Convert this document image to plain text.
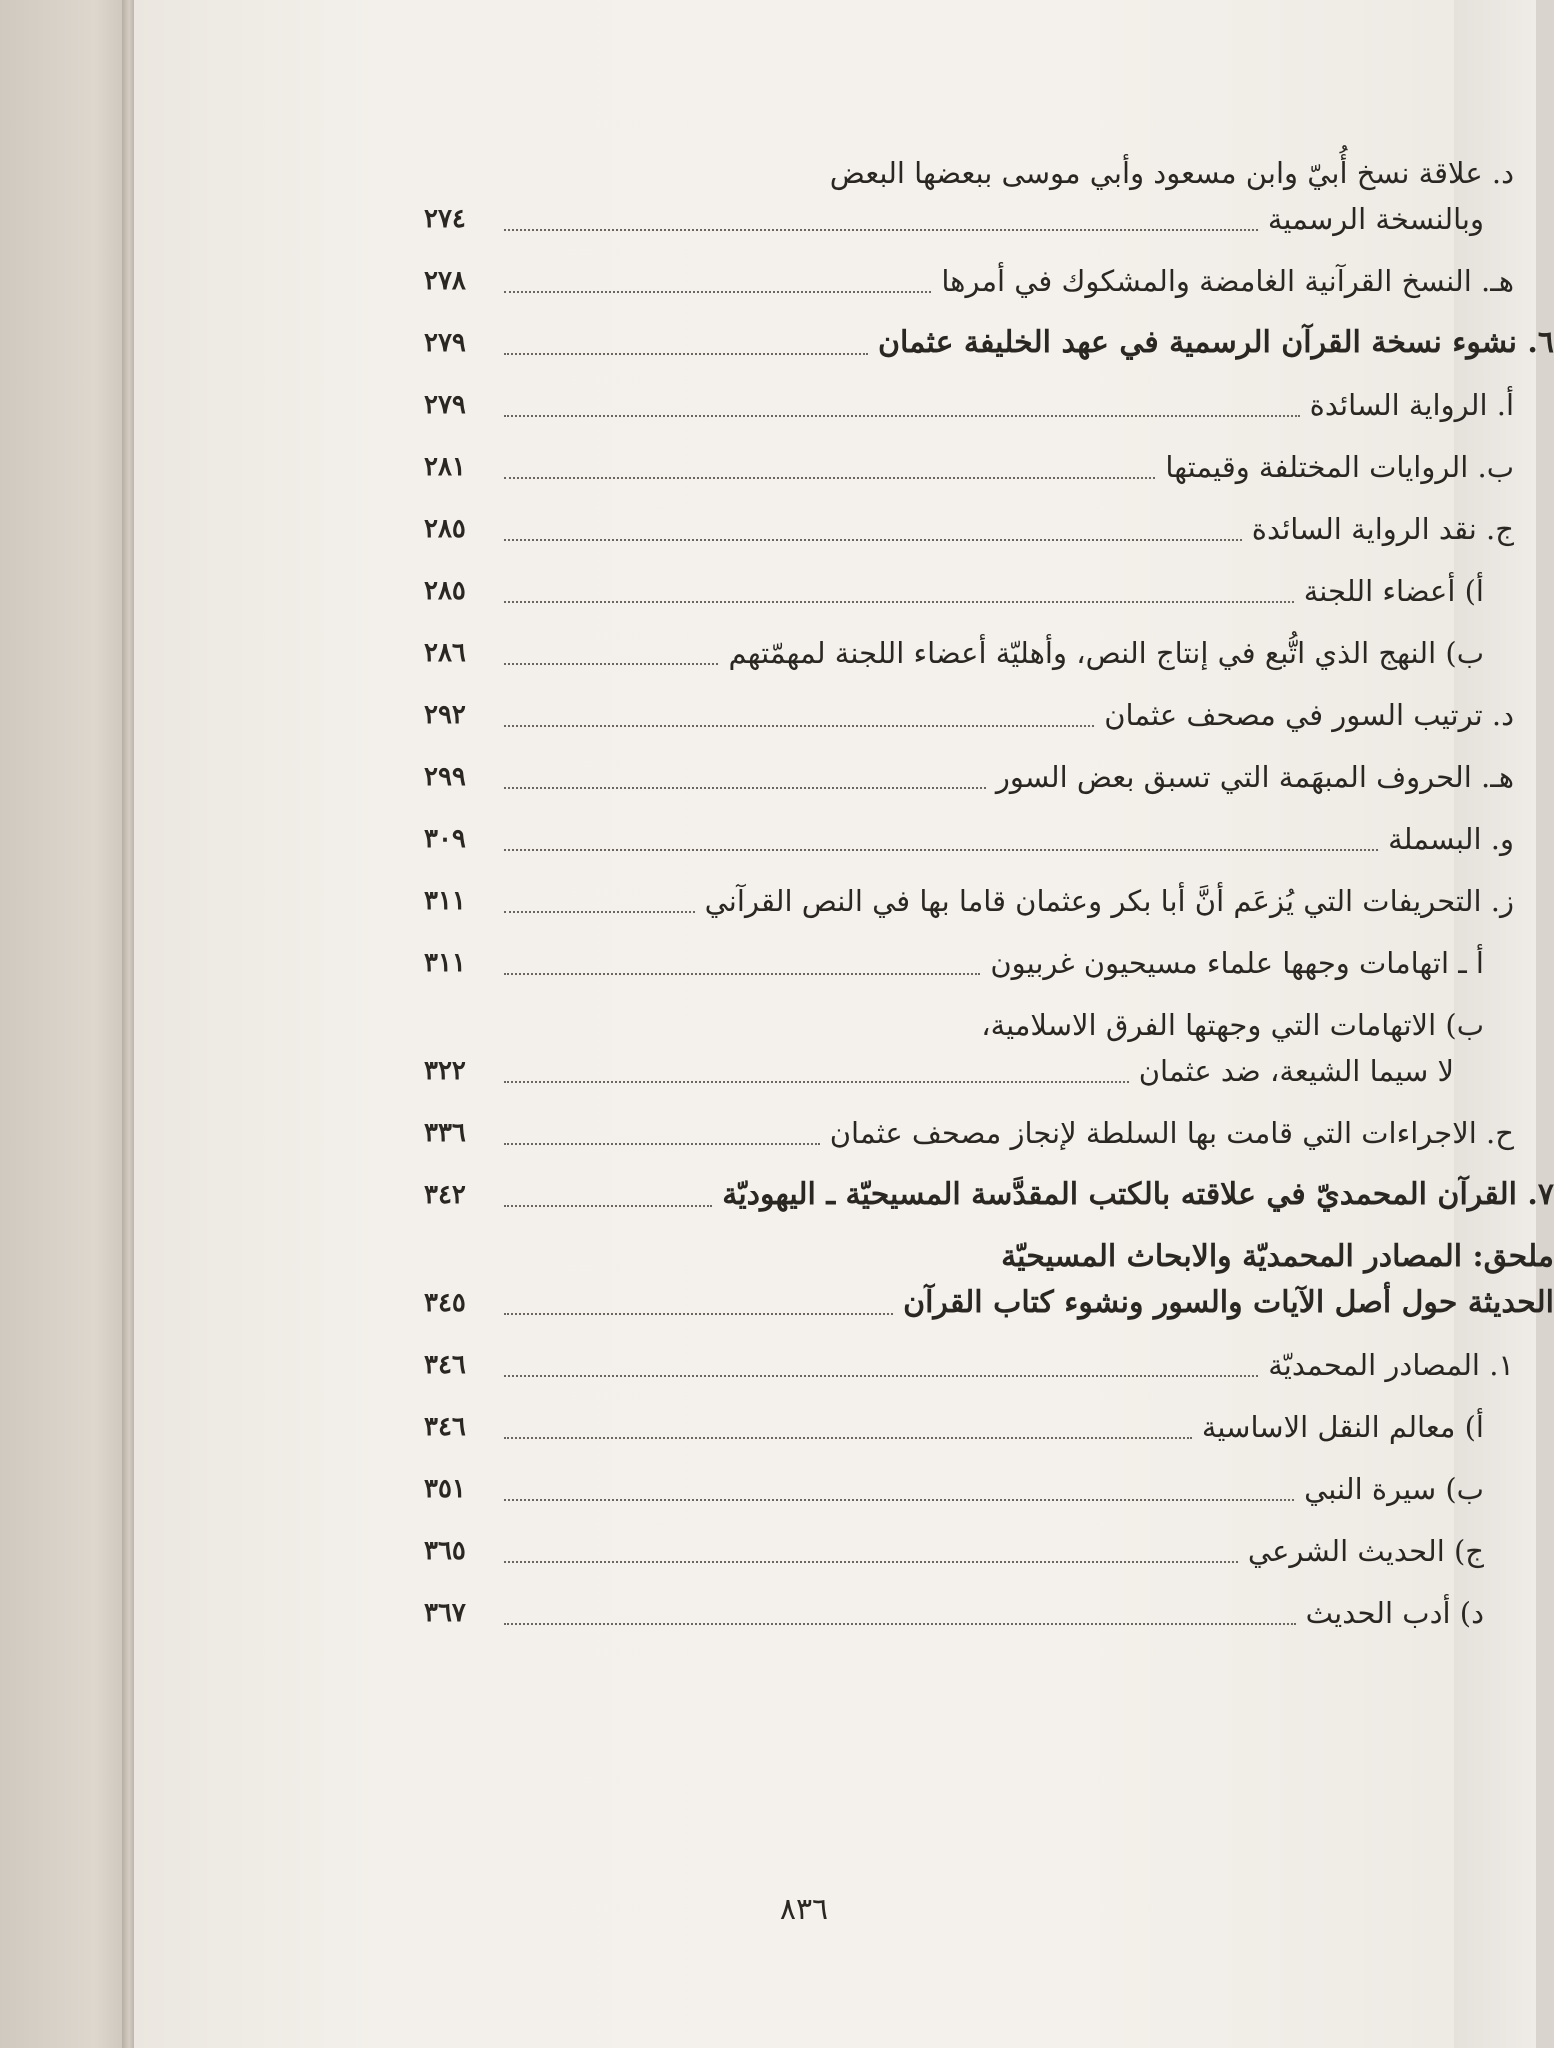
د. علاقة نسخ أُبيّ وابن مسعود وأبي موسى ببعضها البعض
وبالنسخة الرسمية
٢٧٤
هـ. النسخ القرآنية الغامضة والمشكوك في أمرها
٢٧٨
٦. نشوء نسخة القرآن الرسمية في عهد الخليفة عثمان
٢٧٩
أ. الرواية السائدة
٢٧٩
ب. الروايات المختلفة وقيمتها
٢٨١
ج. نقد الرواية السائدة
٢٨٥
أ) أعضاء اللجنة
٢٨٥
ب) النهج الذي اتُّبع في إنتاج النص، وأهليّة أعضاء اللجنة لمهمّتهم
٢٨٦
د. ترتيب السور في مصحف عثمان
٢٩٢
هـ. الحروف المبهَمة التي تسبق بعض السور
٢٩٩
و. البسملة
٣٠٩
ز. التحريفات التي يُزعَم أنَّ أبا بكر وعثمان قاما بها في النص القرآني
٣١١
أ ـ اتهامات وجهها علماء مسيحيون غربيون
٣١١
ب) الاتهامات التي وجهتها الفرق الاسلامية،
لا سيما الشيعة، ضد عثمان
٣٢٢
ح. الاجراءات التي قامت بها السلطة لإنجاز مصحف عثمان
٣٣٦
٧. القرآن المحمديّ في علاقته بالكتب المقدَّسة المسيحيّة ـ اليهوديّة
٣٤٢
ملحق: المصادر المحمديّة والابحاث المسيحيّة
الحديثة حول أصل الآيات والسور ونشوء كتاب القرآن
٣٤٥
١. المصادر المحمديّة
٣٤٦
أ) معالم النقل الاساسية
٣٤٦
ب) سيرة النبي
٣٥١
ج) الحديث الشرعي
٣٦٥
د) أدب الحديث
٣٦٧
٨٣٦
